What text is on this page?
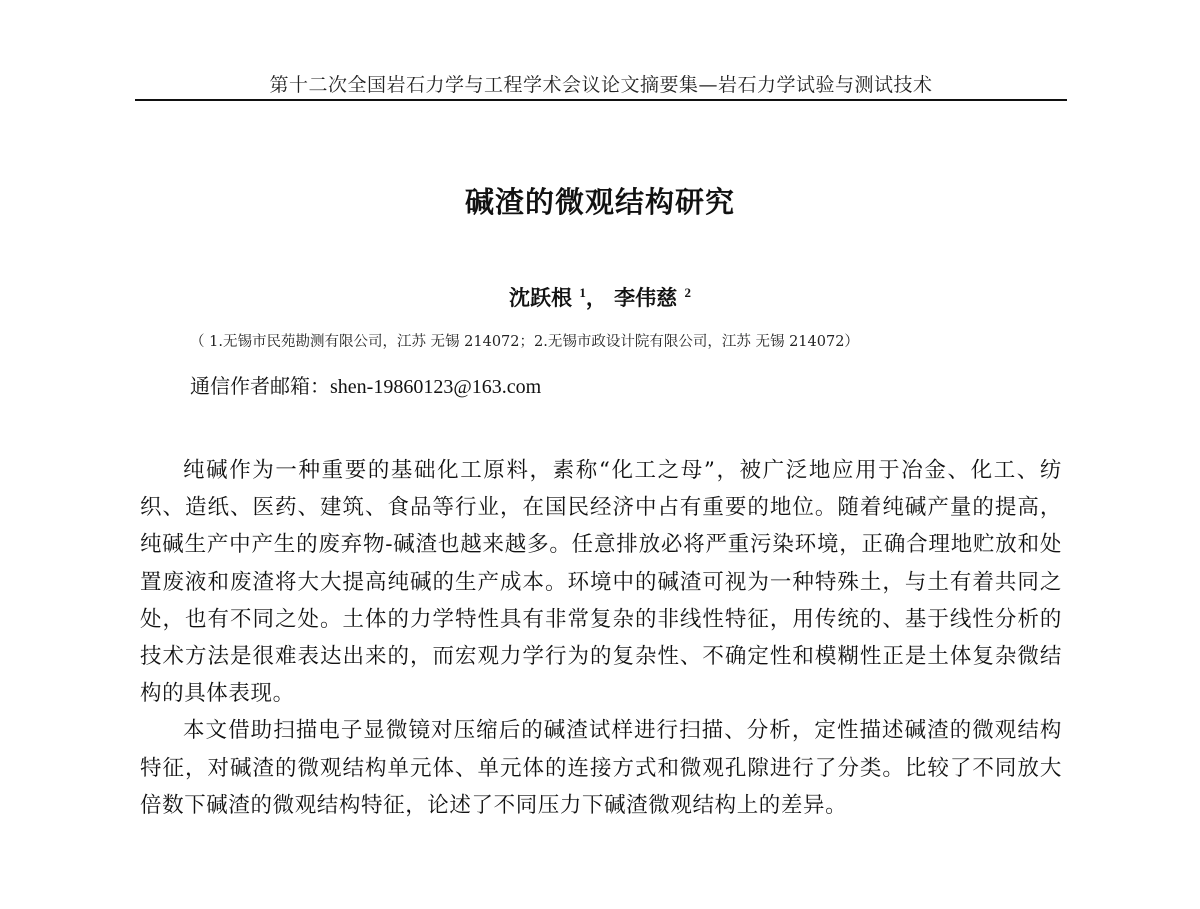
第十二次全国岩石力学与工程学术会议论文摘要集—岩石力学试验与测试技术
碱渣的微观结构研究
沈跃根 $^1$， 李伟慈 $^2$
（ 1.无锡市民苑勘测有限公司，江苏 无锡 214072；2.无锡市政设计院有限公司，江苏 无锡 214072）
通信作者邮箱：shen-19860123@163.com

纯碱作为一种重要的基础化工原料，素称“化工之母”，被广泛地应用于冶金、化工、纺织、造纸、医药、建筑、食品等行业，在国民经济中占有重要的地位。随着纯碱产量的提高，纯碱生产中产生的废弃物-碱渣也越来越多。任意排放必将严重污染环境，正确合理地贮放和处置废液和废渣将大大提高纯碱的生产成本。环境中的碱渣可视为一种特殊土，与土有着共同之处，也有不同之处。土体的力学特性具有非常复杂的非线性特征，用传统的、基于线性分析的技术方法是很难表达出来的，而宏观力学行为的复杂性、不确定性和模糊性正是土体复杂微结构的具体表现。

本文借助扫描电子显微镜对压缩后的碱渣试样进行扫描、分析，定性描述碱渣的微观结构特征，对碱渣的微观结构单元体、单元体的连接方式和微观孔隙进行了分类。比较了不同放大倍数下碱渣的微观结构特征，论述了不同压力下碱渣微观结构上的差异。
